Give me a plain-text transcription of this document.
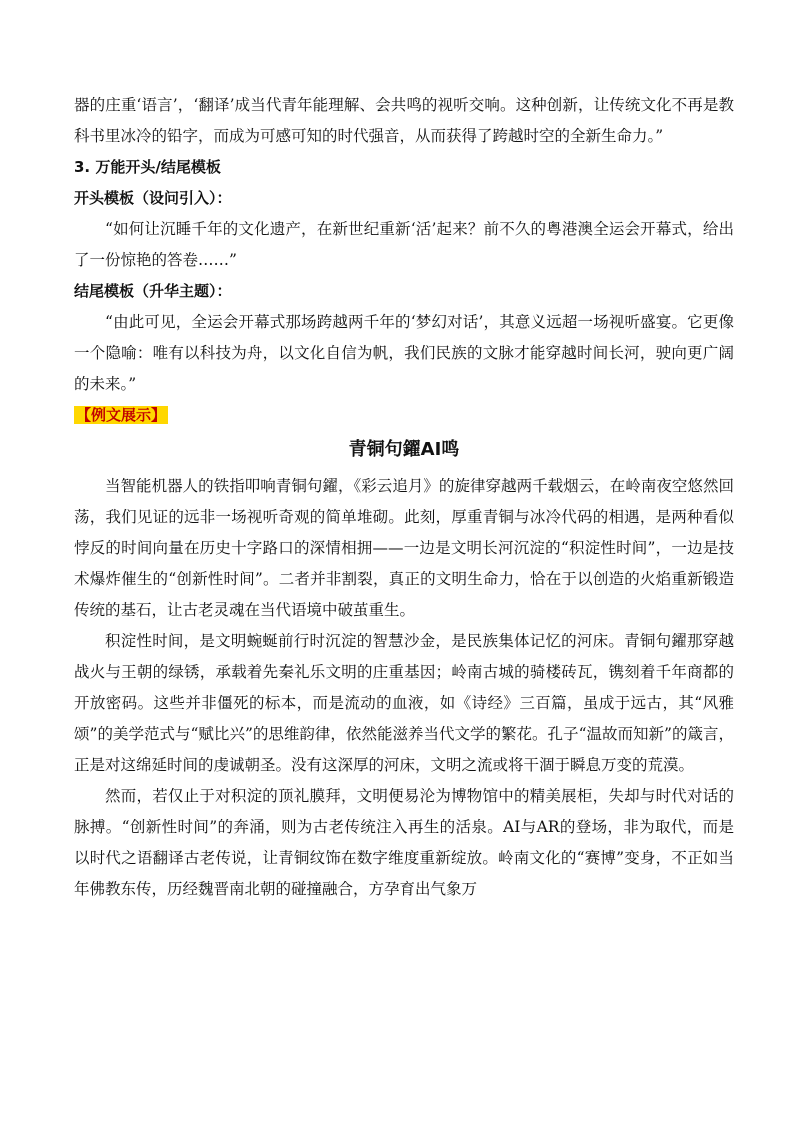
器的庄重‘语言’，‘翻译’成当代青年能理解、会共鸣的视听交响。这种创新，让传统文化不再是教科书里冰冷的铅字，而成为可感可知的时代强音，从而获得了跨越时空的全新生命力。”

3. 万能开头/结尾模板

开头模板（设问引入）：

“如何让沉睡千年的文化遗产，在新世纪重新‘活’起来？前不久的粤港澳全运会开幕式，给出了一份惊艳的答卷……”

结尾模板（升华主题）：

“由此可见，全运会开幕式那场跨越两千年的‘梦幻对话’，其意义远超一场视听盛宴。它更像一个隐喻：唯有以科技为舟，以文化自信为帆，我们民族的文脉才能穿越时间长河，驶向更广阔的未来。”

【例文展示】

青铜句鑃AI鸣

当智能机器人的铁指叩响青铜句鑃，《彩云追月》的旋律穿越两千载烟云，在岭南夜空悠然回荡，我们见证的远非一场视听奇观的简单堆砌。此刻，厚重青铜与冰冷代码的相遇，是两种看似悖反的时间向量在历史十字路口的深情相拥——一边是文明长河沉淀的“积淀性时间”，一边是技术爆炸催生的“创新性时间”。二者并非割裂，真正的文明生命力，恰在于以创造的火焰重新锻造传统的基石，让古老灵魂在当代语境中破茧重生。

积淀性时间，是文明蜿蜒前行时沉淀的智慧沙金，是民族集体记忆的河床。青铜句鑃那穿越战火与王朝的绿锈，承载着先秦礼乐文明的庄重基因；岭南古城的骑楼砖瓦，镌刻着千年商都的开放密码。这些并非僵死的标本，而是流动的血液，如《诗经》三百篇，虽成于远古，其“风雅颂”的美学范式与“赋比兴”的思维韵律，依然能滋养当代文学的繁花。孔子“温故而知新”的箴言，正是对这绵延时间的虔诚朝圣。没有这深厚的河床，文明之流或将干涸于瞬息万变的荒漠。

然而，若仅止于对积淀的顶礼膜拜，文明便易沦为博物馆中的精美展柜，失却与时代对话的脉搏。“创新性时间”的奔涌，则为古老传统注入再生的活泉。AI与AR的登场，非为取代，而是以时代之语翻译古老传说，让青铜纹饰在数字维度重新绽放。岭南文化的“赛博”变身，不正如当年佛教东传，历经魏晋南北朝的碰撞融合，方孕育出气象万
